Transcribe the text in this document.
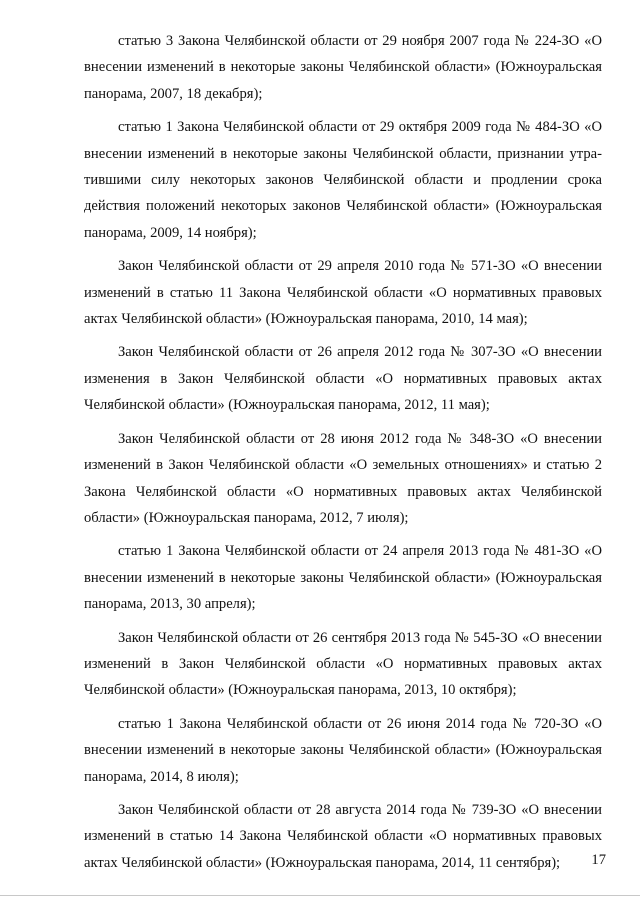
статью 3 Закона Челябинской области от 29 ноября 2007 года № 224-ЗО «О внесении изменений в некоторые законы Челябинской области» (Южноуральская панорама, 2007, 18 декабря);

статью 1 Закона Челябинской области от 29 октября 2009 года № 484-ЗО «О внесении изменений в некоторые законы Челябинской области, признании утратившими силу некоторых законов Челябинской области и продлении срока действия положений некоторых законов Челябинской области» (Южноуральская панорама, 2009, 14 ноября);

Закон Челябинской области от 29 апреля 2010 года № 571-ЗО «О внесении изменений в статью 11 Закона Челябинской области «О нормативных правовых актах Челябинской области» (Южноуральская панорама, 2010, 14 мая);

Закон Челябинской области от 26 апреля 2012 года № 307-ЗО «О внесении изменения в Закон Челябинской области «О нормативных правовых актах Челябинской области» (Южноуральская панорама, 2012, 11 мая);

Закон Челябинской области от 28 июня 2012 года № 348-ЗО «О внесении изменений в Закон Челябинской области «О земельных отношениях» и статью 2 Закона Челябинской области «О нормативных правовых актах Челябинской области» (Южноуральская панорама, 2012, 7 июля);

статью 1 Закона Челябинской области от 24 апреля 2013 года № 481-ЗО «О внесении изменений в некоторые законы Челябинской области» (Южноуральская панорама, 2013, 30 апреля);

Закон Челябинской области от 26 сентября 2013 года № 545-ЗО «О внесении изменений в Закон Челябинской области «О нормативных правовых актах Челябинской области» (Южноуральская панорама, 2013, 10 октября);

статью 1 Закона Челябинской области от 26 июня 2014 года № 720-ЗО «О внесении изменений в некоторые законы Челябинской области» (Южноуральская панорама, 2014, 8 июля);

Закон Челябинской области от 28 августа 2014 года № 739-ЗО «О внесении изменений в статью 14 Закона Челябинской области «О нормативных правовых актах Челябинской области» (Южноуральская панорама, 2014, 11 сентября);	17
